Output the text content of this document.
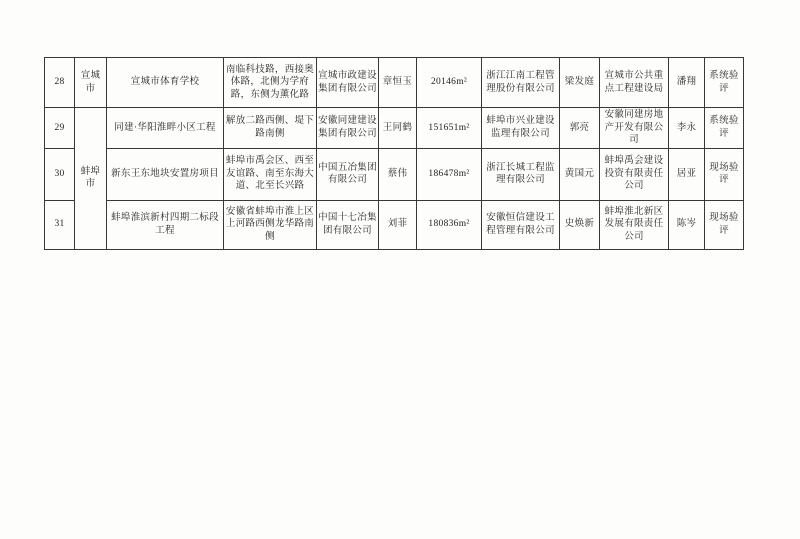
28	宣城市	宣城市体育学校	南临科技路，西接奥体路，北侧为学府路，东侧为薰化路	宣城市政建设集团有限公司	章恒玉	20146m²	浙江江南工程管理股份有限公司	梁发庭	宣城市公共重点工程建设局	潘翔	系统验评
29	蚌埠市	同建·华阳淮畔小区工程	解放二路西侧、堤下路南侧	安徽同建建设集团有限公司	王同鹤	151651m²	蚌埠市兴业建设监理有限公司	郭亮	安徽同建房地产开发有限公司	李永	系统验评
30		新东王东地块安置房项目	蚌埠市禹会区、西至友谊路、南至东海大道、北至长兴路	中国五冶集团有限公司	蔡伟	186478m²	浙江长城工程监理有限公司	黄国元	蚌埠禹会建设投资有限责任公司	居亚	现场验评
31		蚌埠淮滨新村四期二标段工程	安徽省蚌埠市淮上区上河路西侧龙华路南侧	中国十七冶集团有限公司	刘菲	180836m²	安徽恒信建设工程管理有限公司	史焕新	蚌埠淮北新区发展有限责任公司	陈岑	现场验评
